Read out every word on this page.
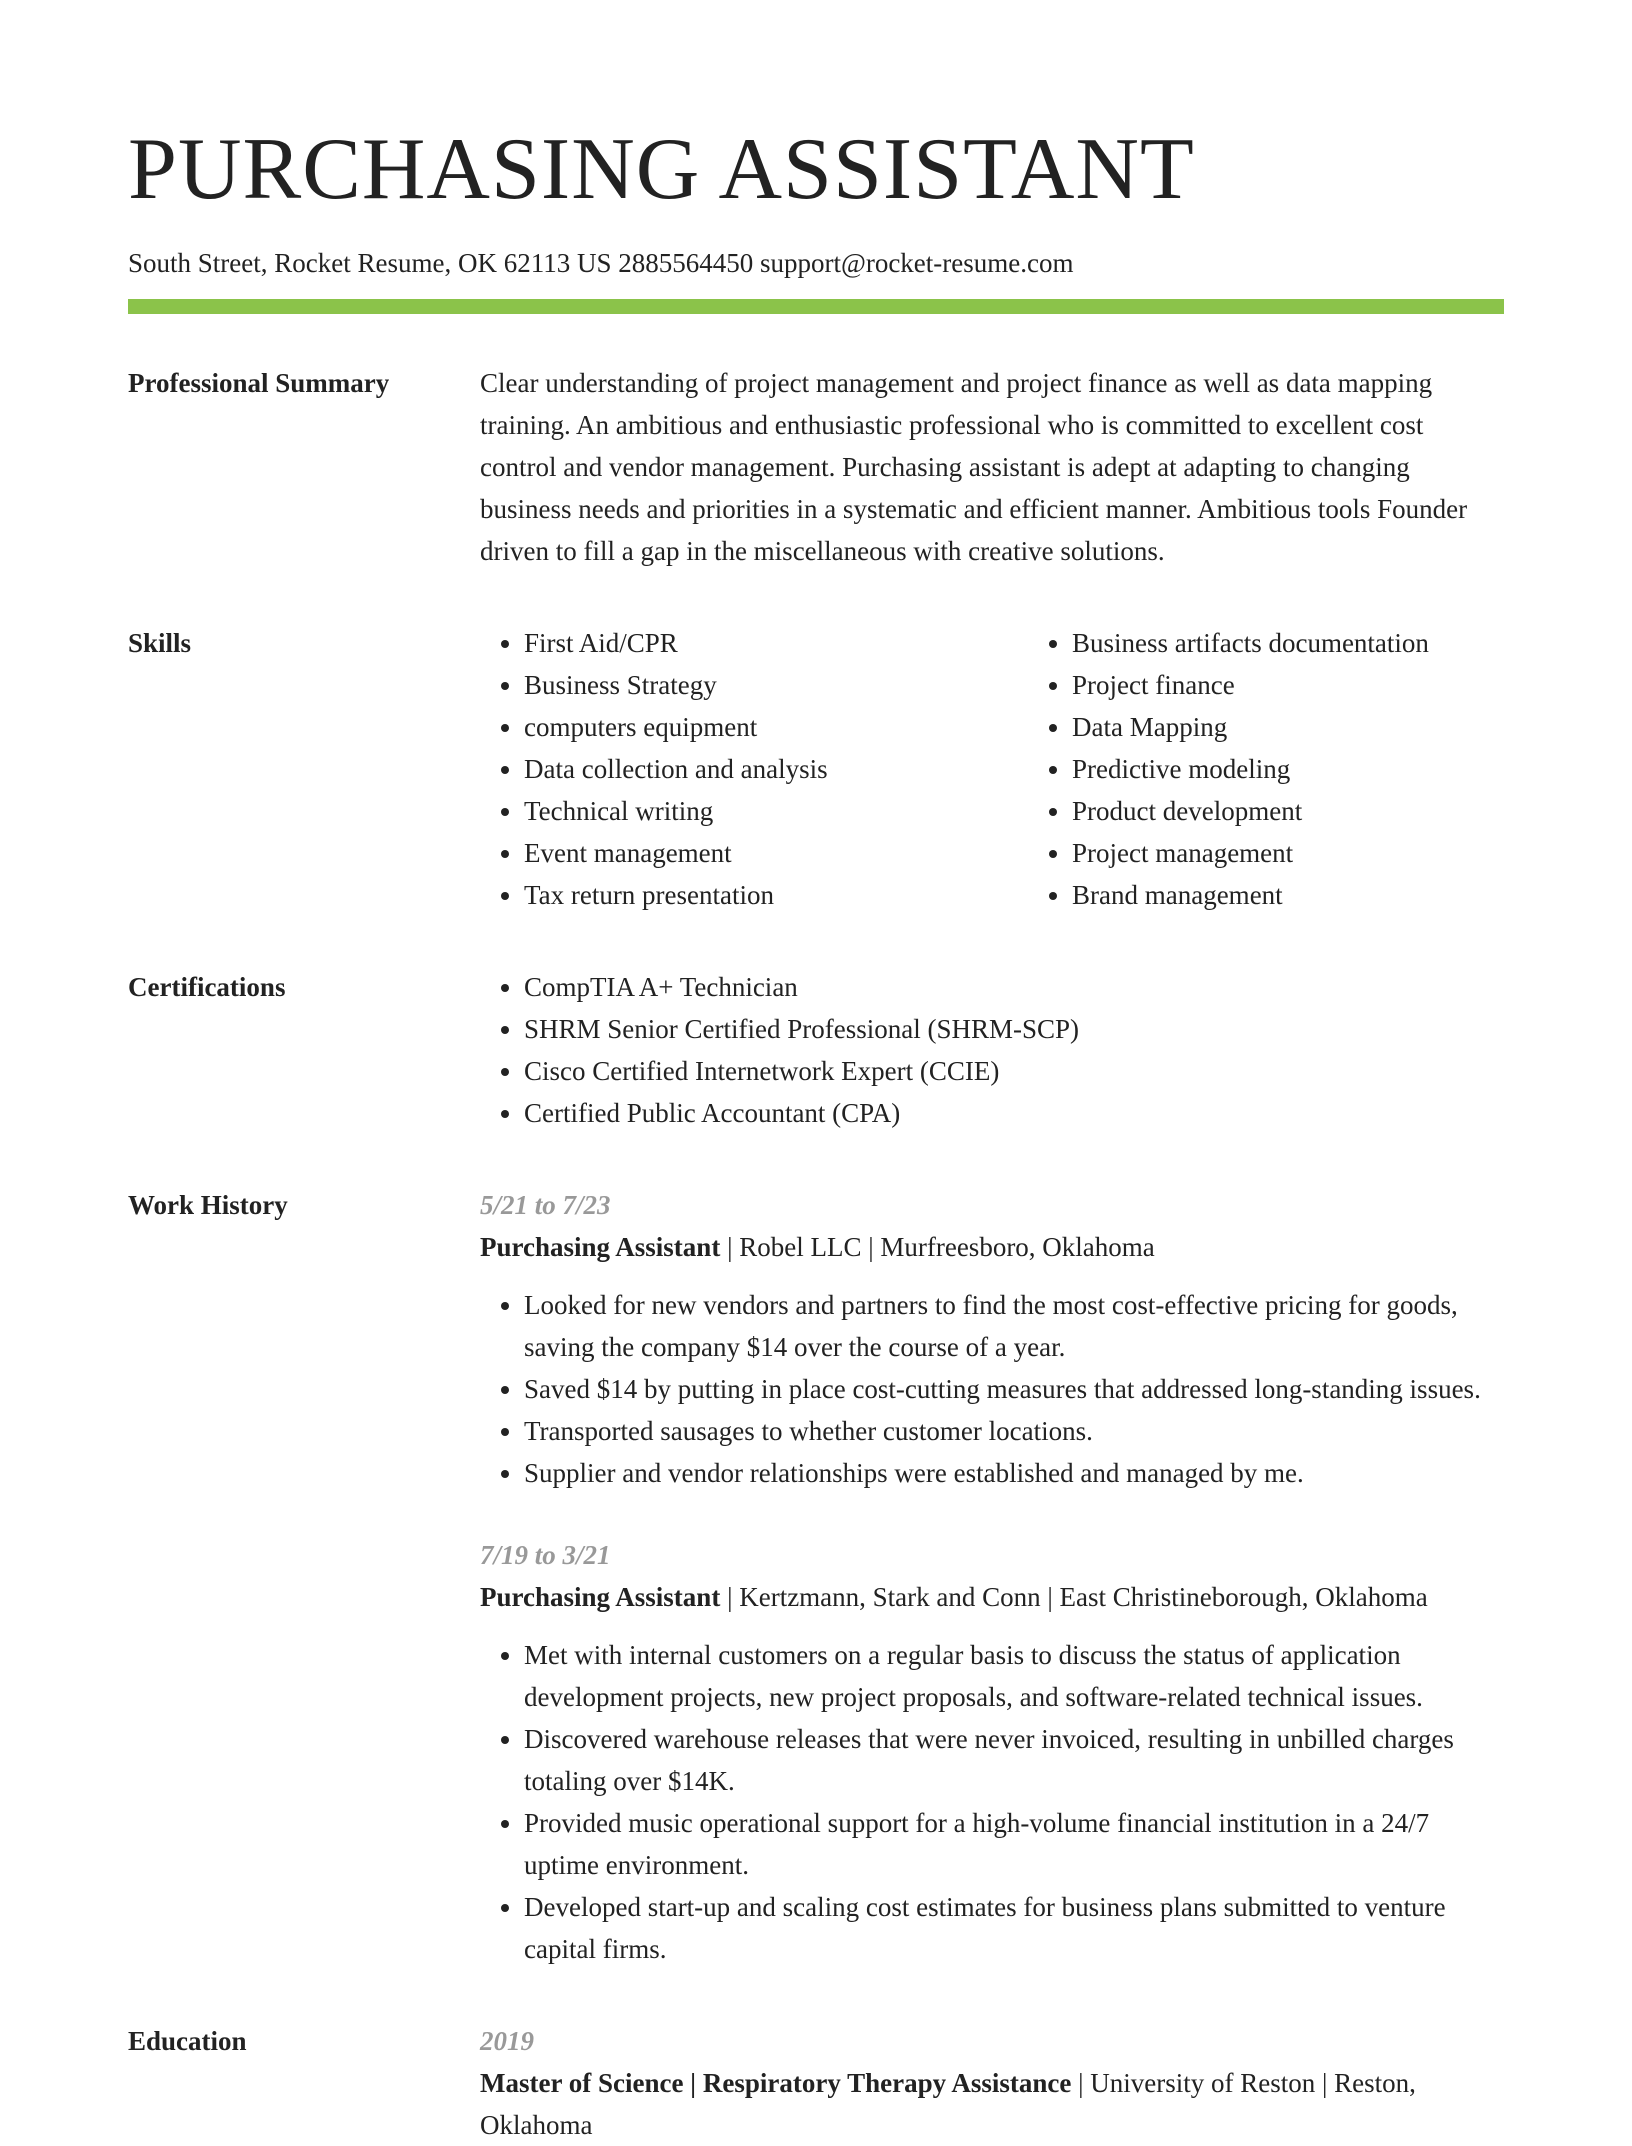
PURCHASING ASSISTANT
South Street, Rocket Resume, OK 62113 US 2885564450 support@rocket-resume.com
Professional Summary	Clear understanding of project management and project finance as well as data mapping training. An ambitious and enthusiastic professional who is committed to excellent cost control and vendor management. Purchasing assistant is adept at adapting to changing business needs and priorities in a systematic and efficient manner. Ambitious tools Founder driven to fill a gap in the miscellaneous with creative solutions.

Skills	• First Aid/CPR
• Business Strategy
• computers equipment
• Data collection and analysis
• Technical writing
• Event management
• Tax return presentation
• Business artifacts documentation
• Project finance
• Data Mapping
• Predictive modeling
• Product development
• Project management
• Brand management
Certifications	• CompTIA A+ Technician
• SHRM Senior Certified Professional (SHRM-SCP)
• Cisco Certified Internetwork Expert (CCIE)
• Certified Public Accountant (CPA)
Work History	5/21 to 7/23
Purchasing Assistant | Robel LLC | Murfreesboro, Oklahoma
• Looked for new vendors and partners to find the most cost-effective pricing for goods, saving the company $14 over the course of a year.
• Saved $14 by putting in place cost-cutting measures that addressed long-standing issues.
• Transported sausages to whether customer locations.
• Supplier and vendor relationships were established and managed by me.
7/19 to 3/21
Purchasing Assistant | Kertzmann, Stark and Conn | East Christineborough, Oklahoma
• Met with internal customers on a regular basis to discuss the status of application development projects, new project proposals, and software-related technical issues.
• Discovered warehouse releases that were never invoiced, resulting in unbilled charges totaling over $14K.
• Provided music operational support for a high-volume financial institution in a 24/7 uptime environment.
• Developed start-up and scaling cost estimates for business plans submitted to venture capital firms.
Education	2019
Master of Science | Respiratory Therapy Assistance | University of Reston | Reston, Oklahoma
